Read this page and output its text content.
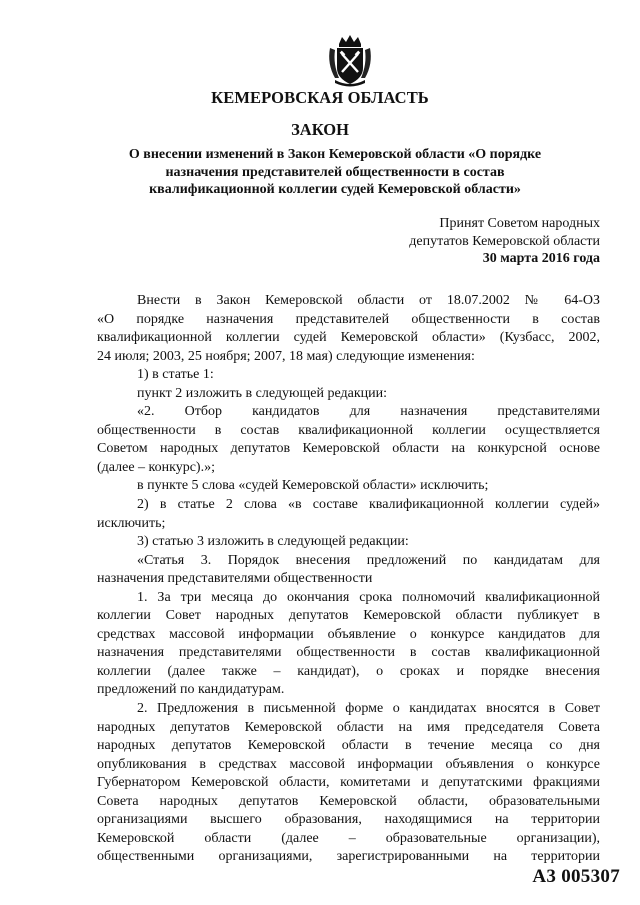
КЕМЕРОВСКАЯ ОБЛАСТЬ
ЗАКОН
О внесении изменений в Закон Кемеровской области «О порядке
назначения представителей общественности в состав
квалификационной коллегии судей Кемеровской области»
Принят Советом народных
депутатов Кемеровской области
30 марта 2016 года

Внести в Закон Кемеровской области от 18.07.2002 № 64-ОЗ

«О порядке назначения представителей общественности в состав

квалификационной коллегии судей Кемеровской области» (Кузбасс, 2002,

24 июля; 2003, 25 ноября; 2007, 18 мая) следующие изменения:

1) в статье 1:

пункт 2 изложить в следующей редакции:

«2. Отбор кандидатов для назначения представителями

общественности в состав квалификационной коллегии осуществляется

Советом народных депутатов Кемеровской области на конкурсной основе

(далее – конкурс).»;

в пункте 5 слова «судей Кемеровской области» исключить;

2) в статье 2 слова «в составе квалификационной коллегии судей»

исключить;

3) статью 3 изложить в следующей редакции:

«Статья 3. Порядок внесения предложений по кандидатам для

назначения представителями общественности

1. За три месяца до окончания срока полномочий квалификационной

коллегии Совет народных депутатов Кемеровской области публикует в

средствах массовой информации объявление о конкурсе кандидатов для

назначения представителями общественности в состав квалификационной

коллегии (далее также – кандидат), о сроках и порядке внесения

предложений по кандидатурам.

2. Предложения в письменной форме о кандидатах вносятся в Совет

народных депутатов Кемеровской области на имя председателя Совета

народных депутатов Кемеровской области в течение месяца со дня

опубликования в средствах массовой информации объявления о конкурсе

Губернатором Кемеровской области, комитетами и депутатскими фракциями

Совета народных депутатов Кемеровской области, образовательными

организациями высшего образования, находящимися на территории

Кемеровской области (далее – образовательные организации),

общественными организациями, зарегистрированными на территории

А3 005307
